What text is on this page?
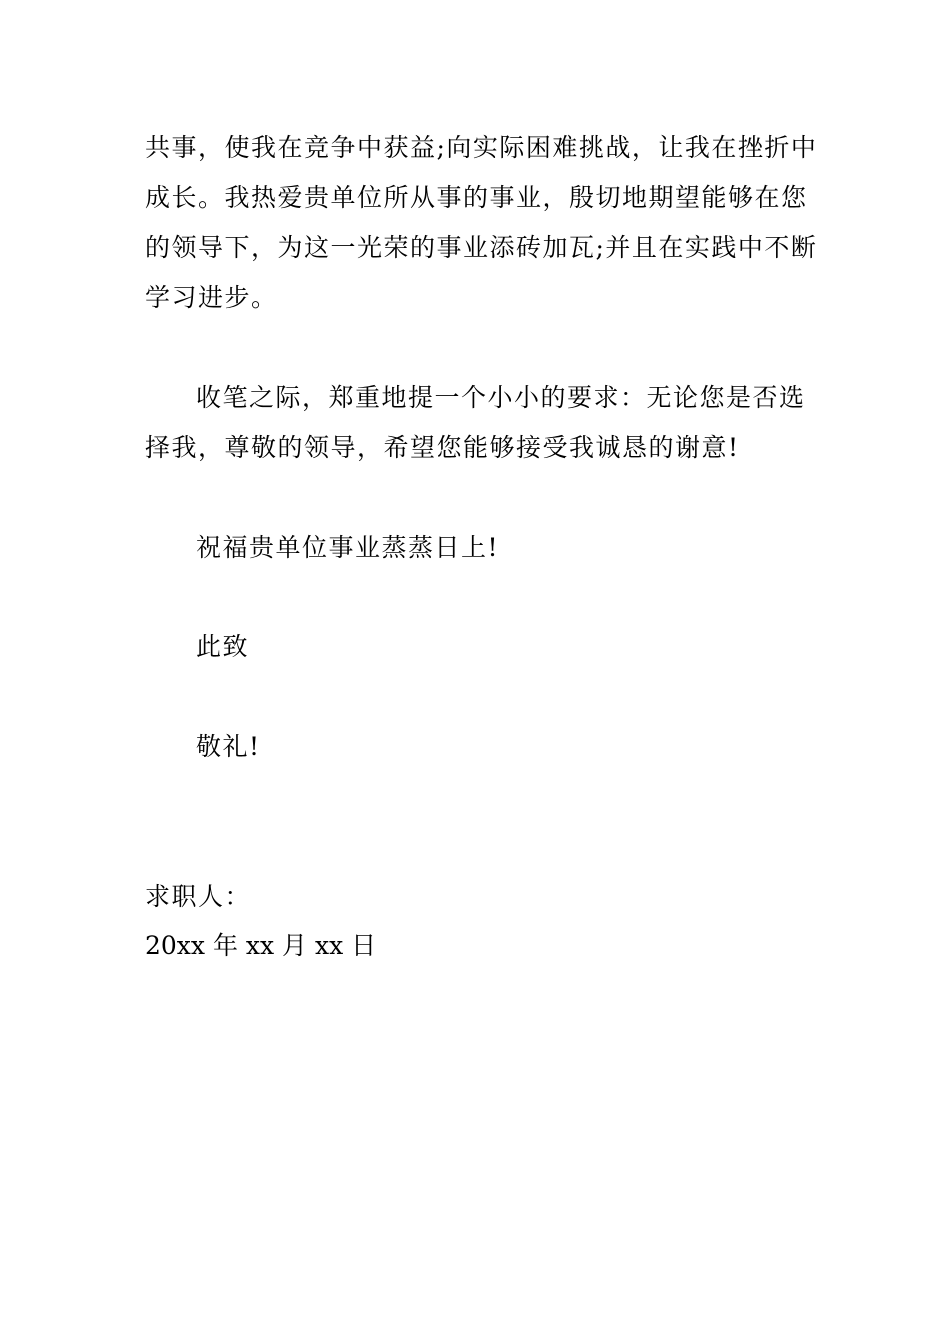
共事，使我在竞争中获益;向实际困难挑战，让我在挫折中
成长。我热爱贵单位所从事的事业，殷切地期望能够在您
的领导下，为这一光荣的事业添砖加瓦;并且在实践中不断
学习进步。
收笔之际，郑重地提一个小小的要求：无论您是否选
择我，尊敬的领导，希望您能够接受我诚恳的谢意!
祝福贵单位事业蒸蒸日上!
此致
敬礼!
求职人：
20xx 年 xx 月 xx 日
